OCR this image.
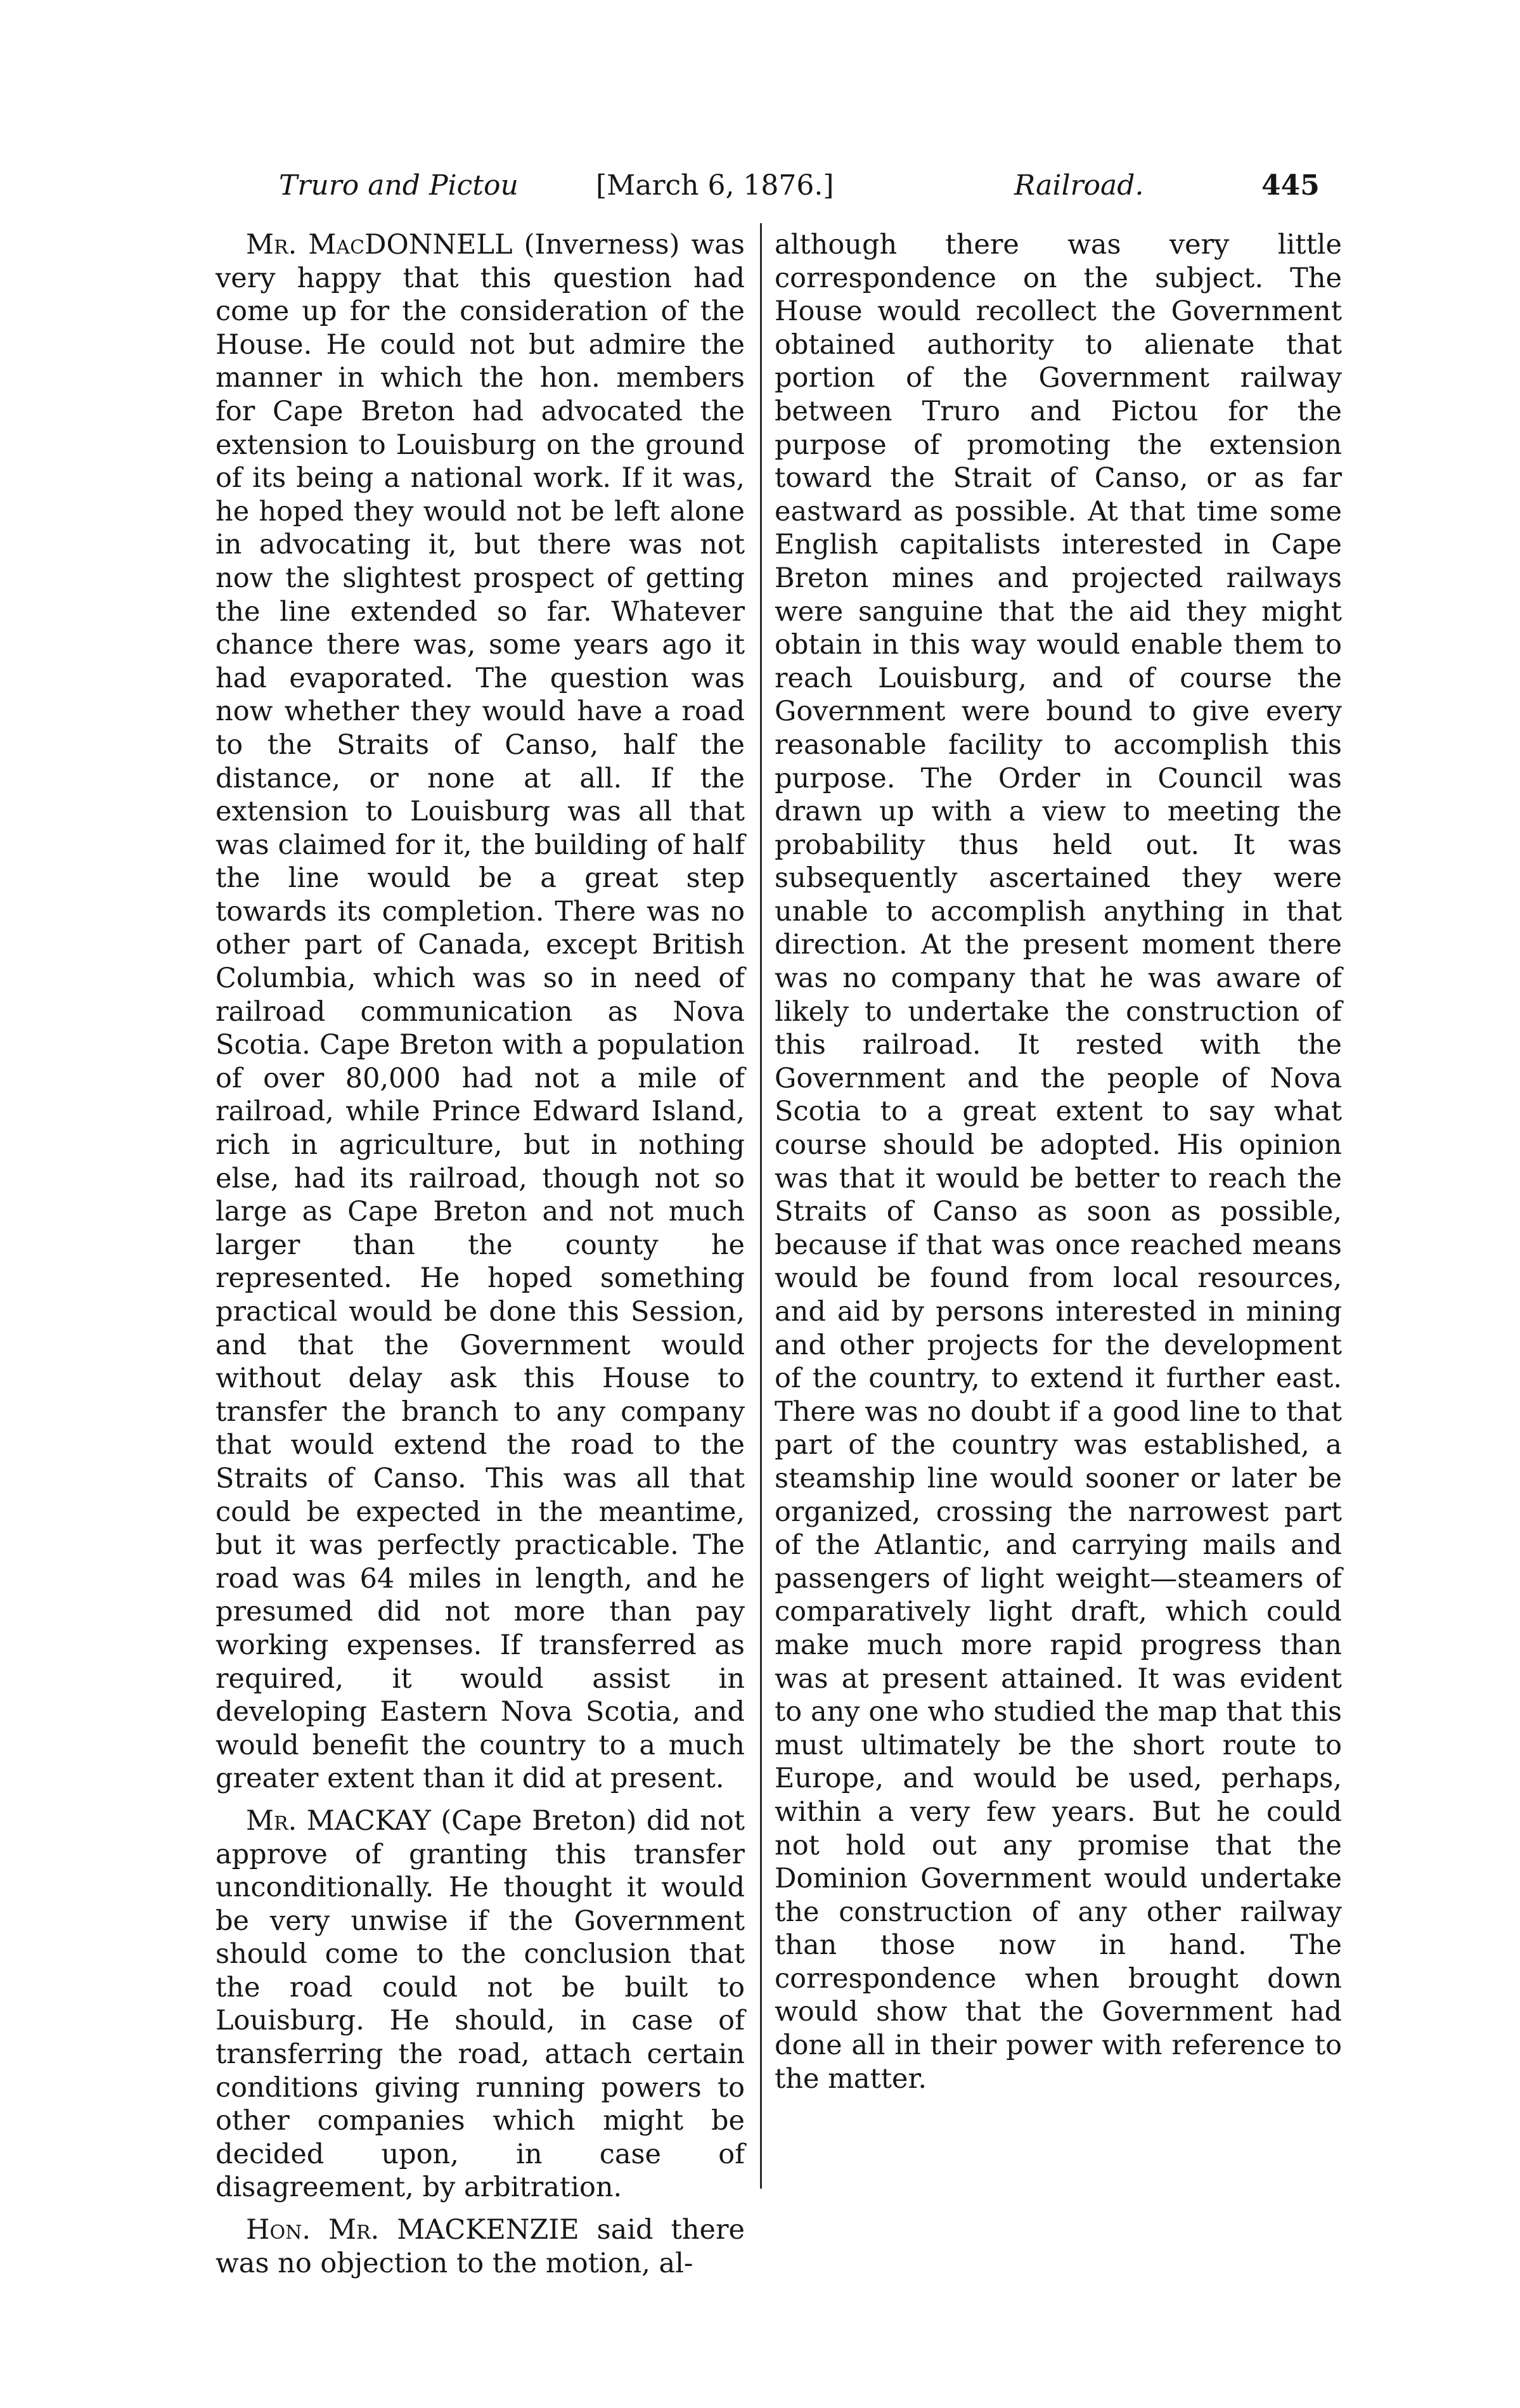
Truro and Pictou	[March 6, 1876.]	Railroad.	445

Mr. MacDONNELL (Inverness) was very happy that this question had come up for the consideration of the House. He could not but admire the manner in which the hon. members for Cape Breton had advocated the extension to Louisburg on the ground of its being a national work. If it was, he hoped they would not be left alone in advocating it, but there was not now the slightest prospect of getting the line extended so far. Whatever chance there was, some years ago it had evaporated. The question was now whether they would have a road to the Straits of Canso, half the distance, or none at all. If the extension to Louisburg was all that was claimed for it, the building of half the line would be a great step towards its completion. There was no other part of Canada, except British Columbia, which was so in need of railroad communication as Nova Scotia. Cape Breton with a population of over 80,000 had not a mile of railroad, while Prince Edward Island, rich in agriculture, but in nothing else, had its railroad, though not so large as Cape Breton and not much larger than the county he represented. He hoped something practical would be done this Session, and that the Government would without delay ask this House to transfer the branch to any company that would extend the road to the Straits of Canso. This was all that could be expected in the meantime, but it was perfectly practicable. The road was 64 miles in length, and he presumed did not more than pay working expenses. If transferred as required, it would assist in developing Eastern Nova Scotia, and would benefit the country to a much greater extent than it did at present.

Mr. MACKAY (Cape Breton) did not approve of granting this transfer unconditionally. He thought it would be very unwise if the Government should come to the conclusion that the road could not be built to Louisburg. He should, in case of transferring the road, attach certain conditions giving running powers to other companies which might be decided upon, in case of disagreement, by arbitration.

Hon. Mr. MACKENZIE said there was no objection to the motion, al-

although there was very little correspondence on the subject. The House would recollect the Government obtained authority to alienate that portion of the Government railway between Truro and Pictou for the purpose of promoting the extension toward the Strait of Canso, or as far eastward as possible. At that time some English capitalists interested in Cape Breton mines and projected railways were sanguine that the aid they might obtain in this way would enable them to reach Louisburg, and of course the Government were bound to give every reasonable facility to accomplish this purpose. The Order in Council was drawn up with a view to meeting the probability thus held out. It was subsequently ascertained they were unable to accomplish anything in that direction. At the present moment there was no company that he was aware of likely to undertake the construction of this railroad. It rested with the Government and the people of Nova Scotia to a great extent to say what course should be adopted. His opinion was that it would be better to reach the Straits of Canso as soon as possible, because if that was once reached means would be found from local resources, and aid by persons interested in mining and other projects for the development of the country, to extend it further east. There was no doubt if a good line to that part of the country was established, a steamship line would sooner or later be organized, crossing the narrowest part of the Atlantic, and carrying mails and passengers of light weight—steamers of comparatively light draft, which could make much more rapid progress than was at present attained. It was evident to any one who studied the map that this must ultimately be the short route to Europe, and would be used, perhaps, within a very few years. But he could not hold out any promise that the Dominion Government would undertake the construction of any other railway than those now in hand. The correspondence when brought down would show that the Government had done all in their power with reference to the matter.
